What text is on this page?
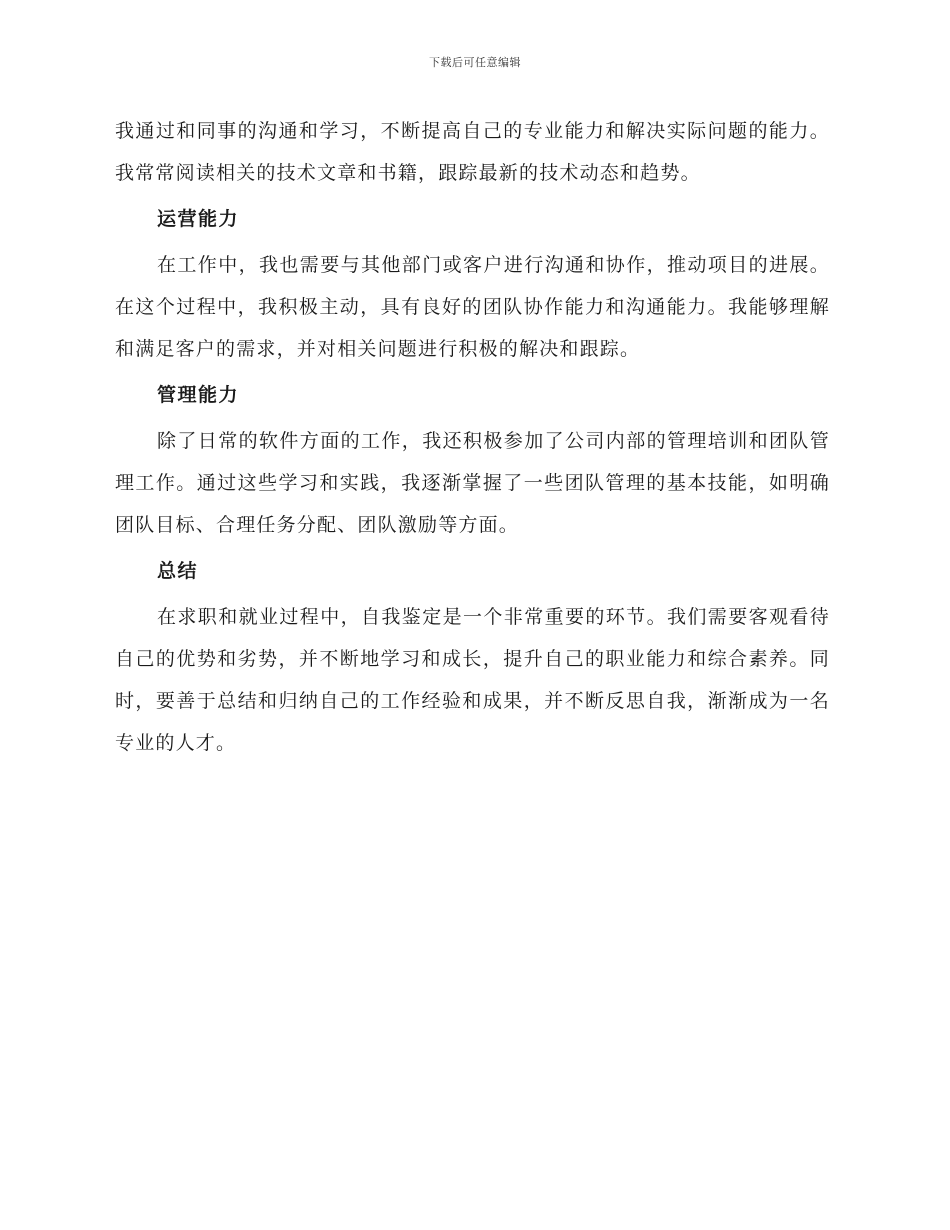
下载后可任意编辑

我通过和同事的沟通和学习，不断提高自己的专业能力和解决实际问题的能力。我常常阅读相关的技术文章和书籍，跟踪最新的技术动态和趋势。

运营能力

在工作中，我也需要与其他部门或客户进行沟通和协作，推动项目的进展。在这个过程中，我积极主动，具有良好的团队协作能力和沟通能力。我能够理解和满足客户的需求，并对相关问题进行积极的解决和跟踪。

管理能力

除了日常的软件方面的工作，我还积极参加了公司内部的管理培训和团队管理工作。通过这些学习和实践，我逐渐掌握了一些团队管理的基本技能，如明确团队目标、合理任务分配、团队激励等方面。

总结

在求职和就业过程中，自我鉴定是一个非常重要的环节。我们需要客观看待自己的优势和劣势，并不断地学习和成长，提升自己的职业能力和综合素养。同时，要善于总结和归纳自己的工作经验和成果，并不断反思自我，渐渐成为一名专业的人才。
